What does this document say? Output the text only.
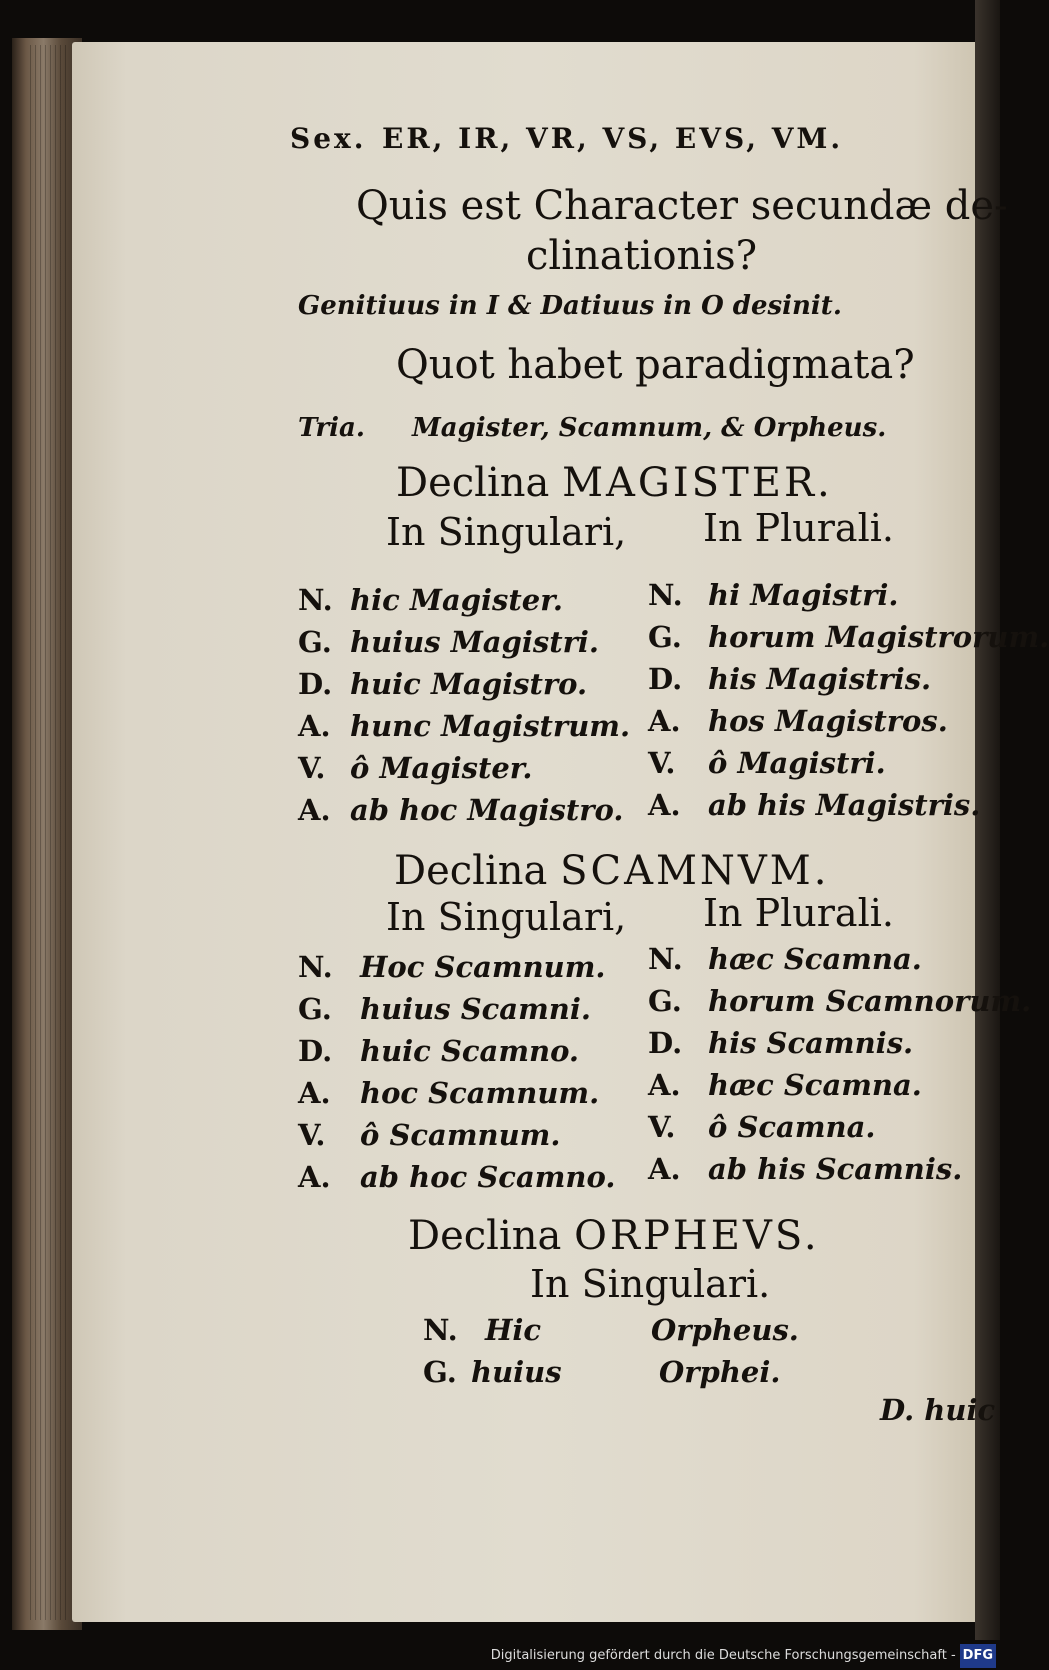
Sex. ER, IR, VR, VS, EVS, VM.
Quis est Character secundæ de-
clinationis?
Genitiuus in I & Datiuus in O desinit.
Quot habet paradigmata?
Tria. Magister, Scamnum, & Orpheus.
Declina MAGISTER.
In Singulari, In Plurali.
N. hic Magister.
G. huius Magistri.
D. huic Magistro.
A. hunc Magistrum.
V. ô Magister.
A. ab hoc Magistro.
N. hi Magistri.
G. horum Magistrorum.
D. his Magistris.
A. hos Magistros.
V. ô Magistri.
A. ab his Magistris.
Declina SCAMNVM.
In Singulari, In Plurali.
N. Hoc Scamnum.
G. huius Scamni.
D. huic Scamno.
A. hoc Scamnum.
V. ô Scamnum.
A. ab hoc Scamno.
N. hæc Scamna.
G. horum Scamnorum.
D. his Scamnis.
A. hæc Scamna.
V. ô Scamna.
A. ab his Scamnis.
Declina ORPHEVS.
In Singulari.
N. Hic	Orpheus.
G. huius	Orphei.
D. huic
Digitalisierung gefördert durch die Deutsche Forschungsgemeinschaft - DFG
